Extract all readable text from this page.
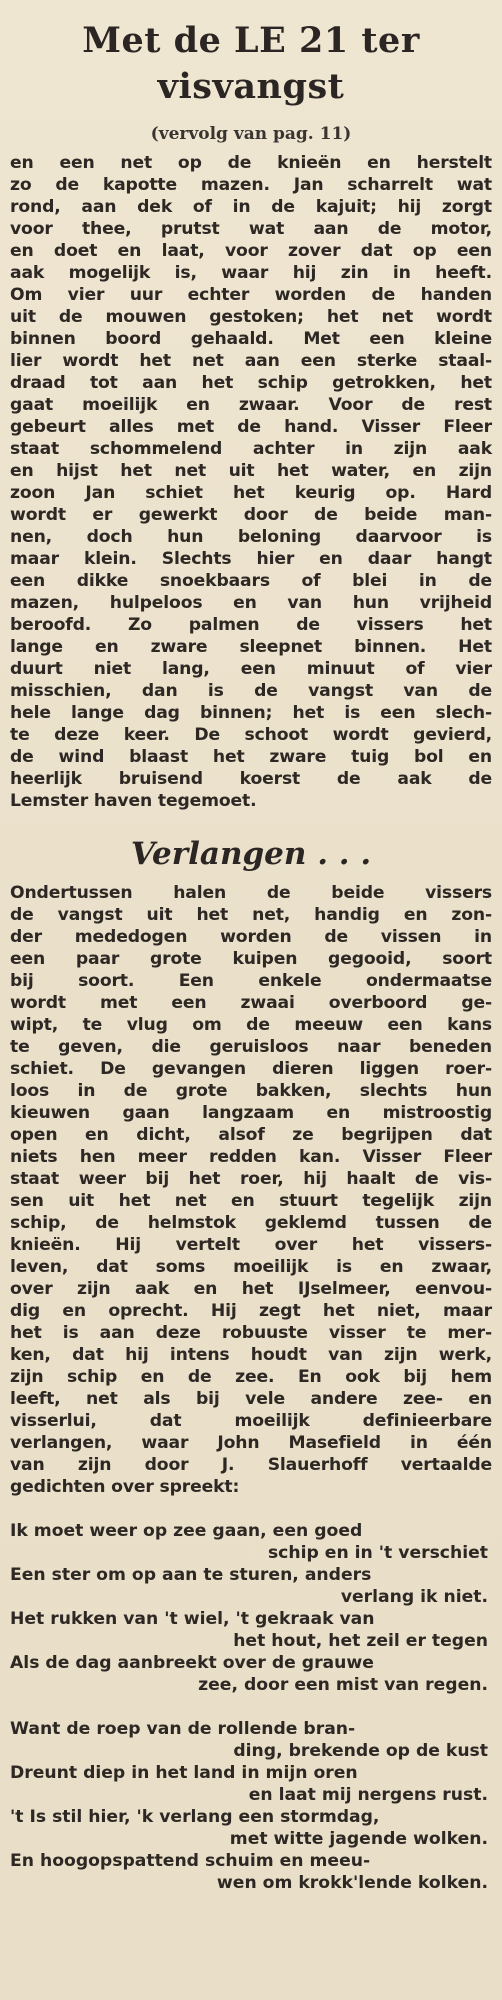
Met de LE 21 ter
visvangst
(vervolg van pag. 11)
en een net op de knieën en herstelt
zo de kapotte mazen. Jan scharrelt wat
rond, aan dek of in de kajuit; hij zorgt
voor thee, prutst wat aan de motor,
en doet en laat, voor zover dat op een
aak mogelijk is, waar hij zin in heeft.
Om vier uur echter worden de handen
uit de mouwen gestoken; het net wordt
binnen boord gehaald. Met een kleine
lier wordt het net aan een sterke staal-
draad tot aan het schip getrokken, het
gaat moeilijk en zwaar. Voor de rest
gebeurt alles met de hand. Visser Fleer
staat schommelend achter in zijn aak
en hijst het net uit het water, en zijn
zoon Jan schiet het keurig op. Hard
wordt er gewerkt door de beide man-
nen, doch hun beloning daarvoor is
maar klein. Slechts hier en daar hangt
een dikke snoekbaars of blei in de
mazen, hulpeloos en van hun vrijheid
beroofd. Zo palmen de vissers het
lange en zware sleepnet binnen. Het
duurt niet lang, een minuut of vier
misschien, dan is de vangst van de
hele lange dag binnen; het is een slech-
te deze keer. De schoot wordt gevierd,
de wind blaast het zware tuig bol en
heerlijk bruisend koerst de aak de
Lemster haven tegemoet.
Verlangen . . .
Ondertussen halen de beide vissers
de vangst uit het net, handig en zon-
der mededogen worden de vissen in
een paar grote kuipen gegooid, soort
bij soort. Een enkele ondermaatse
wordt met een zwaai overboord ge-
wipt, te vlug om de meeuw een kans
te geven, die geruisloos naar beneden
schiet. De gevangen dieren liggen roer-
loos in de grote bakken, slechts hun
kieuwen gaan langzaam en mistroostig
open en dicht, alsof ze begrijpen dat
niets hen meer redden kan. Visser Fleer
staat weer bij het roer, hij haalt de vis-
sen uit het net en stuurt tegelijk zijn
schip, de helmstok geklemd tussen de
knieën. Hij vertelt over het vissers-
leven, dat soms moeilijk is en zwaar,
over zijn aak en het IJselmeer, eenvou-
dig en oprecht. Hij zegt het niet, maar
het is aan deze robuuste visser te mer-
ken, dat hij intens houdt van zijn werk,
zijn schip en de zee. En ook bij hem
leeft, net als bij vele andere zee- en
visserlui, dat moeilijk definieerbare
verlangen, waar John Masefield in één
van zijn door J. Slauerhoff vertaalde
gedichten over spreekt:
Ik moet weer op zee gaan, een goed
schip en in 't verschiet
Een ster om op aan te sturen, anders
verlang ik niet.
Het rukken van 't wiel, 't gekraak van
het hout, het zeil er tegen
Als de dag aanbreekt over de grauwe
zee, door een mist van regen.
Want de roep van de rollende bran-
ding, brekende op de kust
Dreunt diep in het land in mijn oren
en laat mij nergens rust.
't Is stil hier, 'k verlang een stormdag,
met witte jagende wolken.
En hoogopspattend schuim en meeu-
wen om krokk'lende kolken.
